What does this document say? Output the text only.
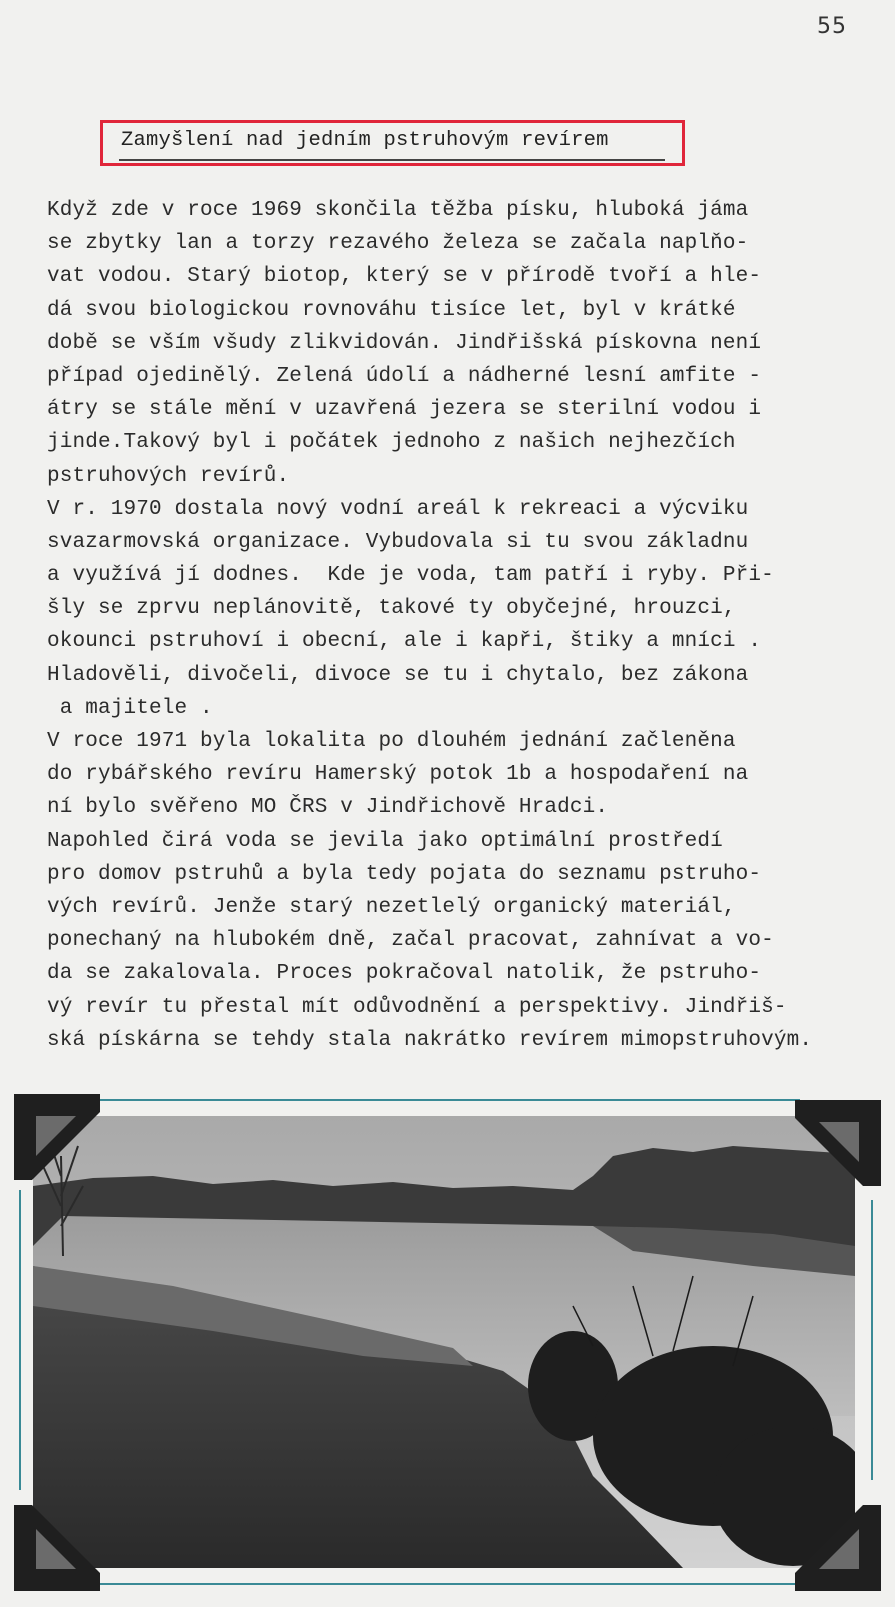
55
Zamyšlení nad jedním pstruhovým revírem
Když zde v roce 1969 skončila těžba písku, hluboká jáma
se zbytky lan a torzy rezavého železa se začala naplňo-
vat vodou. Starý biotop, který se v přírodě tvoří a hle-
dá svou biologickou rovnováhu tisíce let, byl v krátké
době se vším všudy zlikvidován. Jindřišská pískovna není
případ ojedinělý. Zelená údolí a nádherné lesní amfite -
átry se stále mění v uzavřená jezera se sterilní vodou i
jinde.Takový byl i počátek jednoho z našich nejhezčích
pstruhových revírů.
V r. 1970 dostala nový vodní areál k rekreaci a výcviku
svazarmovská organizace. Vybudovala si tu svou základnu
a využívá jí dodnes.  Kde je voda, tam patří i ryby. Při-
šly se zprvu neplánovitě, takové ty obyčejné, hrouzci,
okounci pstruhoví i obecní, ale i kapři, štiky a mníci .
Hladověli, divočeli, divoce se tu i chytalo, bez zákona
a majitele .
V roce 1971 byla lokalita po dlouhém jednání začleněna
do rybářského revíru Hamerský potok 1b a hospodaření na
ní bylo svěřeno MO ČRS v Jindřichově Hradci.
Napohled čirá voda se jevila jako optimální prostředí
pro domov pstruhů a byla tedy pojata do seznamu pstruho-
vých revírů. Jenže starý nezetlelý organický materiál,
ponechaný na hlubokém dně, začal pracovat, zahnívat a vo-
da se zakalovala. Proces pokračoval natolik, že pstruho-
vý revír tu přestal mít odůvodnění a perspektivy. Jindřiš-
ská pískárna se tehdy stala nakrátko revírem mimopstruhovým.
